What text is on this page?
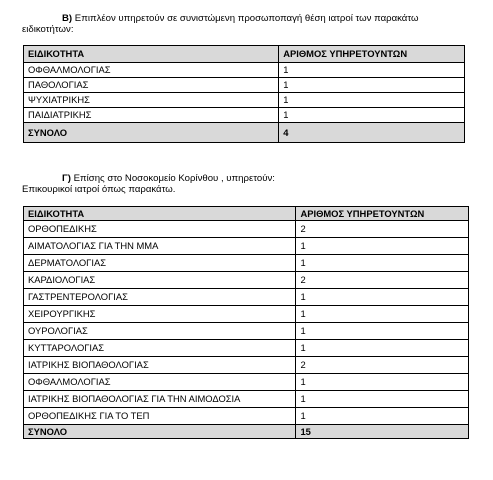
Β) Επιπλέον υπηρετούν σε συνιστώμενη προσωποπαγή θέση ιατροί των παρακάτω
ειδικοτήτων:
ΕΙΔΙΚΟΤΗΤΑ	ΑΡΙΘΜΟΣ ΥΠΗΡΕΤΟΥΝΤΩΝ
ΟΦΘΑΛΜΟΛΟΓΙΑΣ	1
ΠΑΘΟΛΟΓΙΑΣ	1
ΨΥΧΙΑΤΡΙΚΗΣ	1
ΠΑΙΔΙΑΤΡΙΚΗΣ	1
ΣΥΝΟΛΟ	4
Γ) Επίσης στο Νοσοκομείο Κορίνθου , υπηρετούν:
Επικουρικοί ιατροί όπως παρακάτω.
ΕΙΔΙΚΟΤΗΤΑ	ΑΡΙΘΜΟΣ ΥΠΗΡΕΤΟΥΝΤΩΝ
ΟΡΘΟΠΕΔΙΚΗΣ	2
ΑΙΜΑΤΟΛΟΓΙΑΣ ΓΙΑ ΤΗΝ ΜΜΑ	1
ΔΕΡΜΑΤΟΛΟΓΙΑΣ	1
ΚΑΡΔΙΟΛΟΓΙΑΣ	2
ΓΑΣΤΡΕΝΤΕΡΟΛΟΓΙΑΣ	1
ΧΕΙΡΟΥΡΓΙΚΗΣ	1
ΟΥΡΟΛΟΓΙΑΣ	1
ΚΥΤΤΑΡΟΛΟΓΙΑΣ	1
ΙΑΤΡΙΚΗΣ ΒΙΟΠΑΘΟΛΟΓΙΑΣ	2
ΟΦΘΑΛΜΟΛΟΓΙΑΣ	1
ΙΑΤΡΙΚΗΣ ΒΙΟΠΑΘΟΛΟΓΙΑΣ ΓΙΑ ΤΗΝ ΑΙΜΟΔΟΣΙΑ	1
ΟΡΘΟΠΕΔΙΚΗΣ ΓΙΑ ΤΟ ΤΕΠ	1
ΣΥΝΟΛΟ	15
